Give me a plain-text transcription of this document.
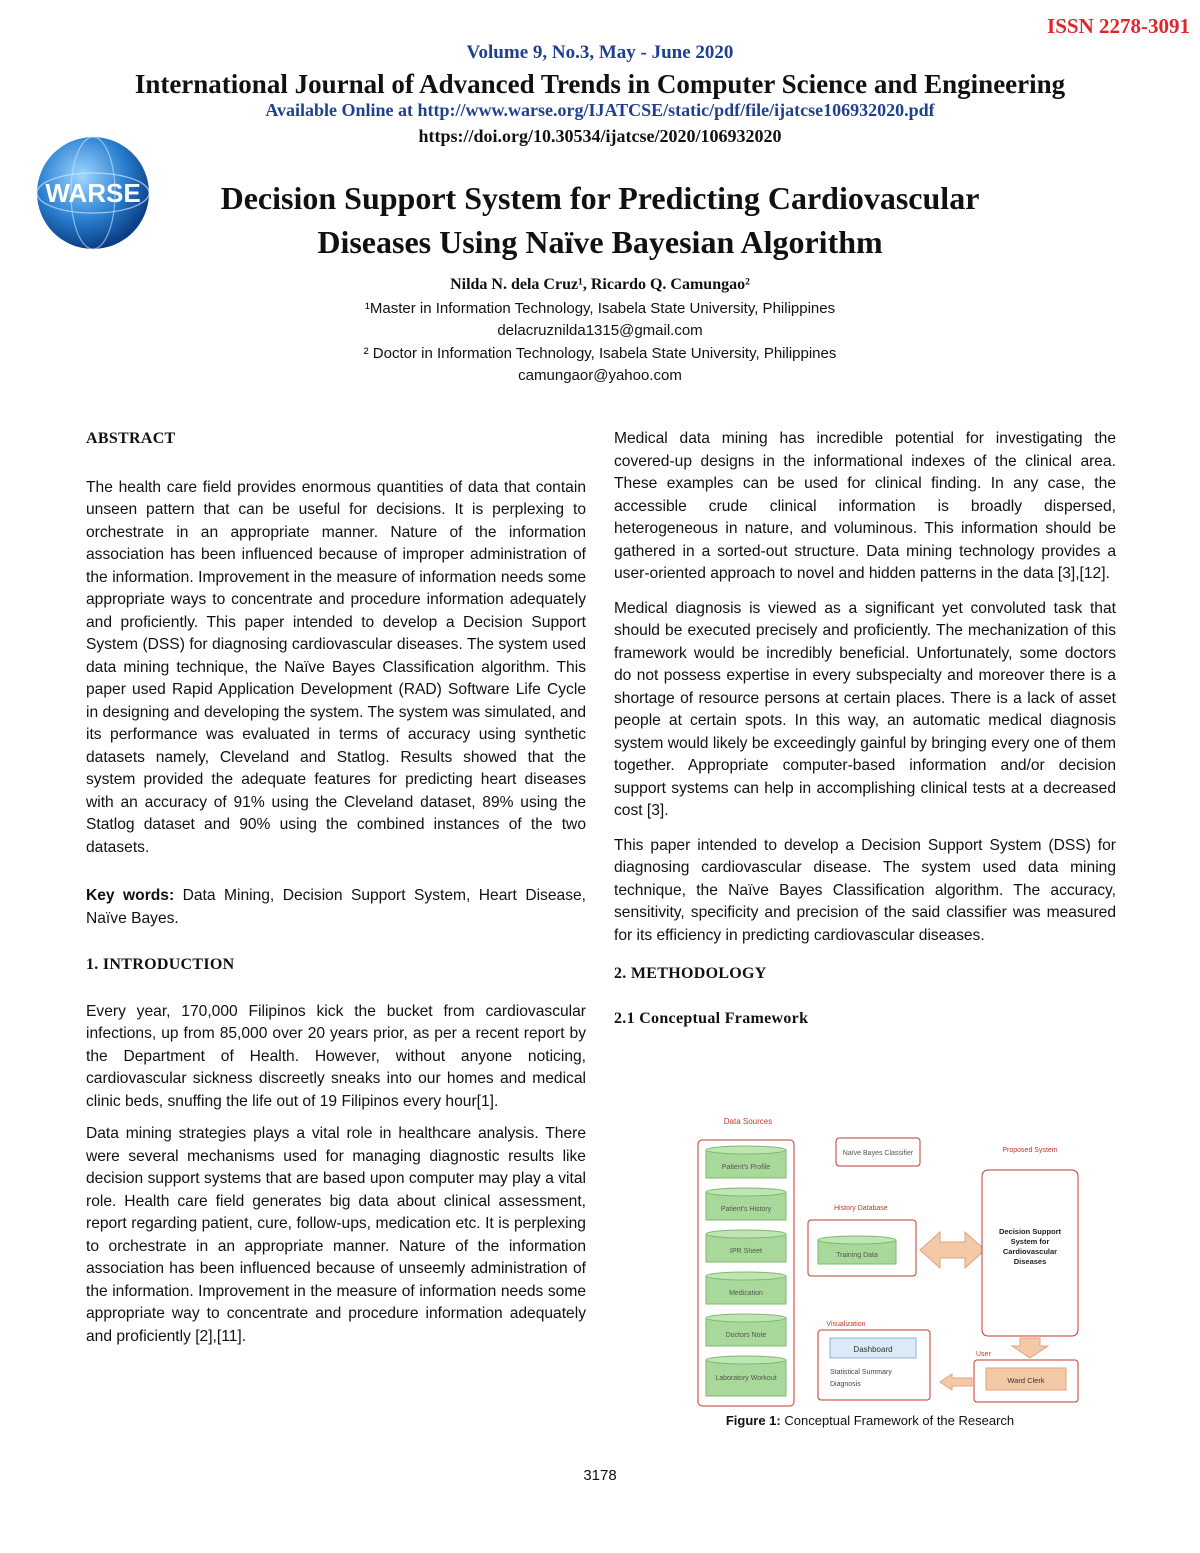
ISSN 2278-3091
Volume 9, No.3, May - June 2020
International Journal of Advanced Trends in Computer Science and Engineering
Available Online at http://www.warse.org/IJATCSE/static/pdf/file/ijatcse106932020.pdf
https://doi.org/10.30534/ijatcse/2020/106932020
WARSE	Decision Support System for Predicting Cardiovascular
Diseases Using Naïve Bayesian Algorithm
Nilda N. dela Cruz¹, Ricardo Q. Camungao²
¹Master in Information Technology, Isabela State University, Philippines
delacruznilda1315@gmail.com
² Doctor in Information Technology, Isabela State University, Philippines
camungaor@yahoo.com
ABSTRACT

The health care field provides enormous quantities of data that contain unseen pattern that can be useful for decisions. It is perplexing to orchestrate in an appropriate manner. Nature of the information association has been influenced because of improper administration of the information. Improvement in the measure of information needs some appropriate ways to concentrate and procedure information adequately and proficiently. This paper intended to develop a Decision Support System (DSS) for diagnosing cardiovascular diseases. The system used data mining technique, the Naïve Bayes Classification algorithm. This paper used Rapid Application Development (RAD) Software Life Cycle in designing and developing the system. The system was simulated, and its performance was evaluated in terms of accuracy using synthetic datasets namely, Cleveland and Statlog. Results showed that the system provided the adequate features for predicting heart diseases with an accuracy of 91% using the Cleveland dataset, 89% using the Statlog dataset and 90% using the combined instances of the two datasets.

Key words: Data Mining, Decision Support System, Heart Disease, Naïve Bayes.

1. INTRODUCTION

Every year, 170,000 Filipinos kick the bucket from cardiovascular infections, up from 85,000 over 20 years prior, as per a recent report by the Department of Health. However, without anyone noticing, cardiovascular sickness discreetly sneaks into our homes and medical clinic beds, snuffing the life out of 19 Filipinos every hour[1].

Data mining strategies plays a vital role in healthcare analysis. There were several mechanisms used for managing diagnostic results like decision support systems that are based upon computer may play a vital role. Health care field generates big data about clinical assessment, report regarding patient, cure, follow-ups, medication etc. It is perplexing to orchestrate in an appropriate manner. Nature of the information association has been influenced because of unseemly administration of the information. Improvement in the measure of information needs some appropriate way to concentrate and procedure information adequately and proficiently [2],[11].

Medical data mining has incredible potential for investigating the covered-up designs in the informational indexes of the clinical area. These examples can be used for clinical finding. In any case, the accessible crude clinical information is broadly dispersed, heterogeneous in nature, and voluminous. This information should be gathered in a sorted-out structure. Data mining technology provides a user-oriented approach to novel and hidden patterns in the data [3],[12].

Medical diagnosis is viewed as a significant yet convoluted task that should be executed precisely and proficiently. The mechanization of this framework would be incredibly beneficial. Unfortunately, some doctors do not possess expertise in every subspecialty and moreover there is a shortage of resource persons at certain places. There is a lack of asset people at certain spots. In this way, an automatic medical diagnosis system would likely be exceedingly gainful by bringing every one of them together. Appropriate computer-based information and/or decision support systems can help in accomplishing clinical tests at a decreased cost [3].

This paper intended to develop a Decision Support System (DSS) for diagnosing cardiovascular disease. The system used data mining technique, the Naïve Bayes Classification algorithm. The accuracy, sensitivity, specificity and precision of the said classifier was measured for its efficiency in predicting cardiovascular diseases.

2. METHODOLOGY
2.1 Conceptual Framework
Data Sources
Patient's Profile
Patient's History
IPR Sheet
Medication
Doctors Note
Laboratory Workout
Naïve Bayes Classifier
History Database
Training Data
Proposed System
Decision Support System for Cardiovascular Diseases
Visualization
Dashboard
Statistical Summary
Diagnosis
User
Ward Clerk
Figure 1: Conceptual Framework of the Research
3178
